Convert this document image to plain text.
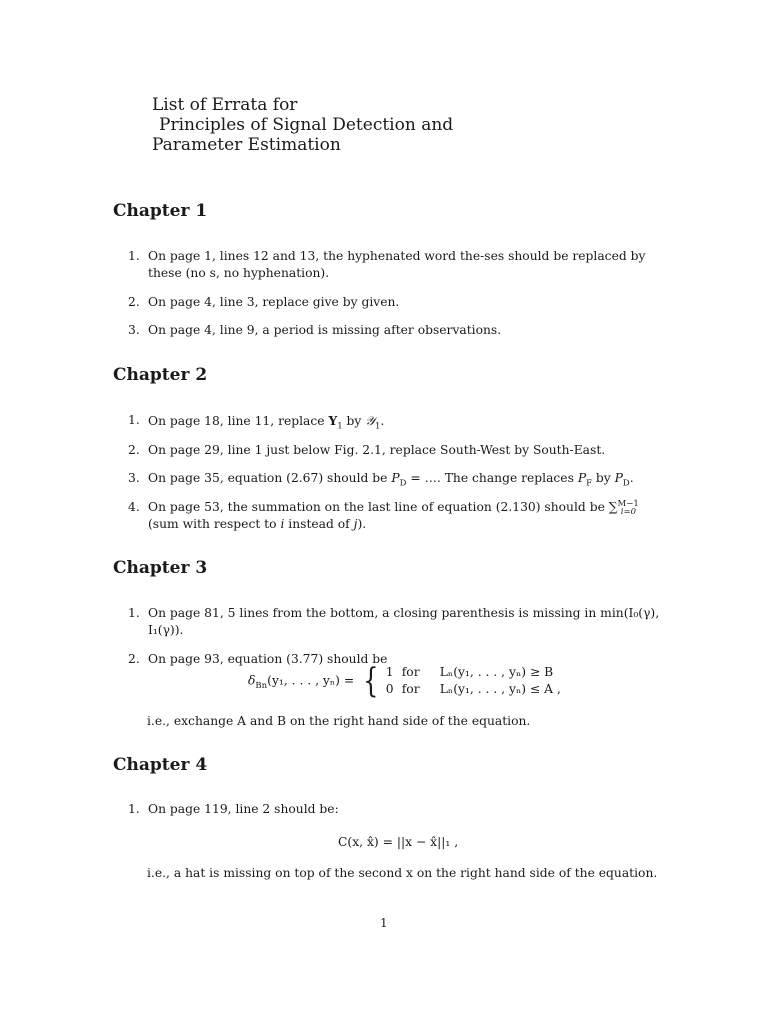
List of Errata for
Principles of Signal Detection and
Parameter Estimation
Chapter 1
1. On page 1, lines 12 and 13, the hyphenated word the-ses should be replaced by these (no s, no hyphenation).
2. On page 4, line 3, replace give by given.
3. On page 4, line 9, a period is missing after observations.
Chapter 2
1. On page 18, line 11, replace $Y_1$ by 𝒴$_1$.
2. On page 29, line 1 just below Fig. 2.1, replace South-West by South-East.
3. On page 35, equation (2.67) should be $P_D$ = …. The change replaces $P_F$ by $P_D$.
4. On page 53, the summation on the last line of equation (2.130) should be ∑$^{M-1}_{i=0}$ (sum with respect to i instead of j).
Chapter 3
1. On page 81, 5 lines from the bottom, a closing parenthesis is missing in min(I₀(γ), I₁(γ)).
2. On page 93, equation (3.77) should be
$\delta_{Bn}(y_1$, . . . , yₙ) = { 1 for	Lₙ(y₁, . . . , yₙ) ≥ B
0 for	Lₙ(y₁, . . . , yₙ) ≤ A ,
i.e., exchange A and B on the right hand side of the equation.
Chapter 4
1. On page 119, line 2 should be:
C(x, x̂) = ||x − x̂||₁ ,
i.e., a hat is missing on top of the second x on the right hand side of the equation.
1
